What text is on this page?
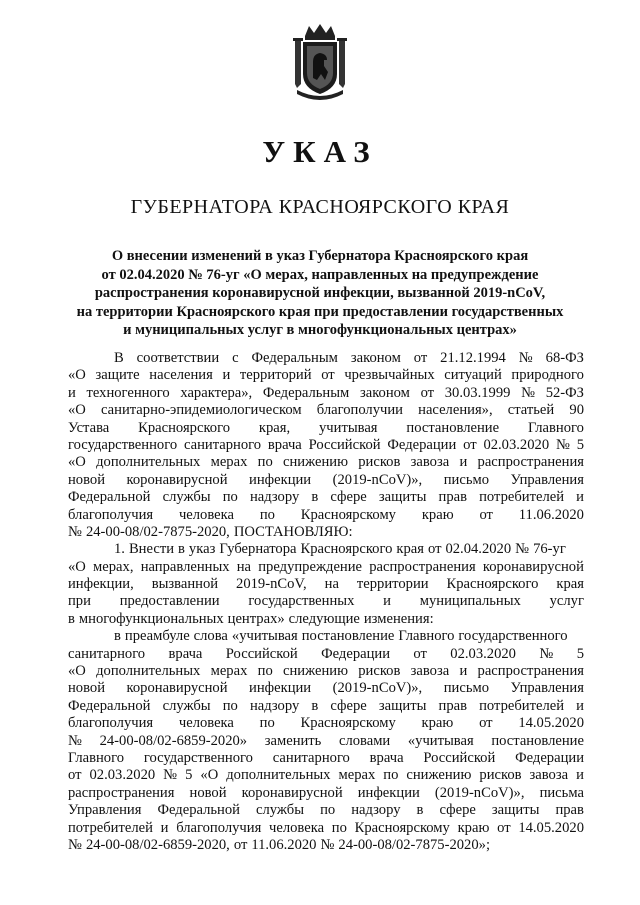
УКАЗ
ГУБЕРНАТОРА КРАСНОЯРСКОГО КРАЯ
О внесении изменений в указ Губернатора Красноярского края
от 02.04.2020 № 76-уг «О мерах, направленных на предупреждение
распространения коронавирусной инфекции, вызванной 2019-nCoV,
на территории Красноярского края при предоставлении государственных
и муниципальных услуг в многофункциональных центрах»
В соответствии с Федеральным законом от 21.12.1994 № 68-ФЗ
«О защите населения и территорий от чрезвычайных ситуаций природного
и техногенного характера», Федеральным законом от 30.03.1999 № 52-ФЗ
«О санитарно-эпидемиологическом благополучии населения», статьей 90
Устава Красноярского края, учитывая постановление Главного
государственного санитарного врача Российской Федерации от 02.03.2020 № 5
«О дополнительных мерах по снижению рисков завоза и распространения
новой коронавирусной инфекции (2019-nCoV)», письмо Управления
Федеральной службы по надзору в сфере защиты прав потребителей и
благополучия человека по Красноярскому краю от 11.06.2020
№ 24-00-08/02-7875-2020, ПОСТАНОВЛЯЮ:
1. Внести в указ Губернатора Красноярского края от 02.04.2020 № 76-уг
«О мерах, направленных на предупреждение распространения коронавирусной
инфекции, вызванной 2019-nCoV, на территории Красноярского края
при предоставлении государственных и муниципальных услуг
в многофункциональных центрах» следующие изменения:
в преамбуле слова «учитывая постановление Главного государственного
санитарного врача Российской Федерации от 02.03.2020 № 5
«О дополнительных мерах по снижению рисков завоза и распространения
новой коронавирусной инфекции (2019-nCoV)», письмо Управления
Федеральной службы по надзору в сфере защиты прав потребителей и
благополучия человека по Красноярскому краю от 14.05.2020
№ 24-00-08/02-6859-2020» заменить словами «учитывая постановление
Главного государственного санитарного врача Российской Федерации
от 02.03.2020 № 5 «О дополнительных мерах по снижению рисков завоза и
распространения новой коронавирусной инфекции (2019-nCoV)», письма
Управления Федеральной службы по надзору в сфере защиты прав
потребителей и благополучия человека по Красноярскому краю от 14.05.2020
№ 24-00-08/02-6859-2020, от 11.06.2020 № 24-00-08/02-7875-2020»;
